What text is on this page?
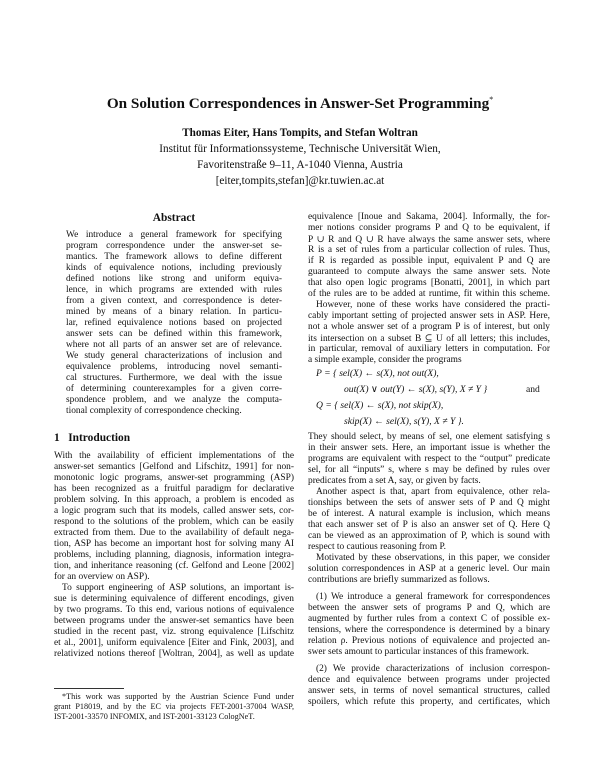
On Solution Correspondences in Answer-Set Programming*
Thomas Eiter, Hans Tompits, and Stefan Woltran
Institut für Informationssysteme, Technische Universität Wien,
Favoritenstraße 9–11, A-1040 Vienna, Austria
[eiter,tompits,stefan]@kr.tuwien.ac.at
Abstract
We introduce a general framework for specifying
program correspondence under the answer-set se-
mantics. The framework allows to define different
kinds of equivalence notions, including previously
defined notions like strong and uniform equiva-
lence, in which programs are extended with rules
from a given context, and correspondence is deter-
mined by means of a binary relation. In particu-
lar, refined equivalence notions based on projected
answer sets can be defined within this framework,
where not all parts of an answer set are of relevance.
We study general characterizations of inclusion and
equivalence problems, introducing novel semanti-
cal structures. Furthermore, we deal with the issue
of determining counterexamples for a given corre-
spondence problem, and we analyze the computa-
tional complexity of correspondence checking.
1 Introduction
With the availability of efficient implementations of the
answer-set semantics [Gelfond and Lifschitz, 1991] for non-
monotonic logic programs, answer-set programming (ASP)
has been recognized as a fruitful paradigm for declarative
problem solving. In this approach, a problem is encoded as
a logic program such that its models, called answer sets, cor-
respond to the solutions of the problem, which can be easily
extracted from them. Due to the availability of default nega-
tion, ASP has become an important host for solving many AI
problems, including planning, diagnosis, information integra-
tion, and inheritance reasoning (cf. Gelfond and Leone [2002]
for an overview on ASP).
To support engineering of ASP solutions, an important is-
sue is determining equivalence of different encodings, given
by two programs. To this end, various notions of equivalence
between programs under the answer-set semantics have been
studied in the recent past, viz. strong equivalence [Lifschitz
et al., 2001], uniform equivalence [Eiter and Fink, 2003], and
relativized notions thereof [Woltran, 2004], as well as update
*This work was supported by the Austrian Science Fund under
grant P18019, and by the EC via projects FET-2001-37004 WASP,
IST-2001-33570 INFOMIX, and IST-2001-33123 CologNeT.
equivalence [Inoue and Sakama, 2004]. Informally, the for-
mer notions consider programs P and Q to be equivalent, if
P ∪ R and Q ∪ R have always the same answer sets, where
R is a set of rules from a particular collection of rules. Thus,
if R is regarded as possible input, equivalent P and Q are
guaranteed to compute always the same answer sets. Note
that also open logic programs [Bonatti, 2001], in which part
of the rules are to be added at runtime, fit within this scheme.
However, none of these works have considered the practi-
cably important setting of projected answer sets in ASP. Here,
not a whole answer set of a program P is of interest, but only
its intersection on a subset B ⊆ U of all letters; this includes,
in particular, removal of auxiliary letters in computation. For
a simple example, consider the programs
P = { sel(X) ← s(X), not out(X),
out(X) ∨ out(Y) ← s(X), s(Y), X ≠ Y }	and
Q = { sel(X) ← s(X), not skip(X),
skip(X) ← sel(X), s(Y), X ≠ Y }.
They should select, by means of sel, one element satisfying s
in their answer sets. Here, an important issue is whether the
programs are equivalent with respect to the “output” predicate
sel, for all “inputs” s, where s may be defined by rules over
predicates from a set A, say, or given by facts.
Another aspect is that, apart from equivalence, other rela-
tionships between the sets of answer sets of P and Q might
be of interest. A natural example is inclusion, which means
that each answer set of P is also an answer set of Q. Here Q
can be viewed as an approximation of P, which is sound with
respect to cautious reasoning from P.
Motivated by these observations, in this paper, we consider
solution correspondences in ASP at a generic level. Our main
contributions are briefly summarized as follows.
(1) We introduce a general framework for correspondences
between the answer sets of programs P and Q, which are
augmented by further rules from a context C of possible ex-
tensions, where the correspondence is determined by a binary
relation ρ. Previous notions of equivalence and projected an-
swer sets amount to particular instances of this framework.
(2) We provide characterizations of inclusion correspon-
dence and equivalence between programs under projected
answer sets, in terms of novel semantical structures, called
spoilers, which refute this property, and certificates, which
